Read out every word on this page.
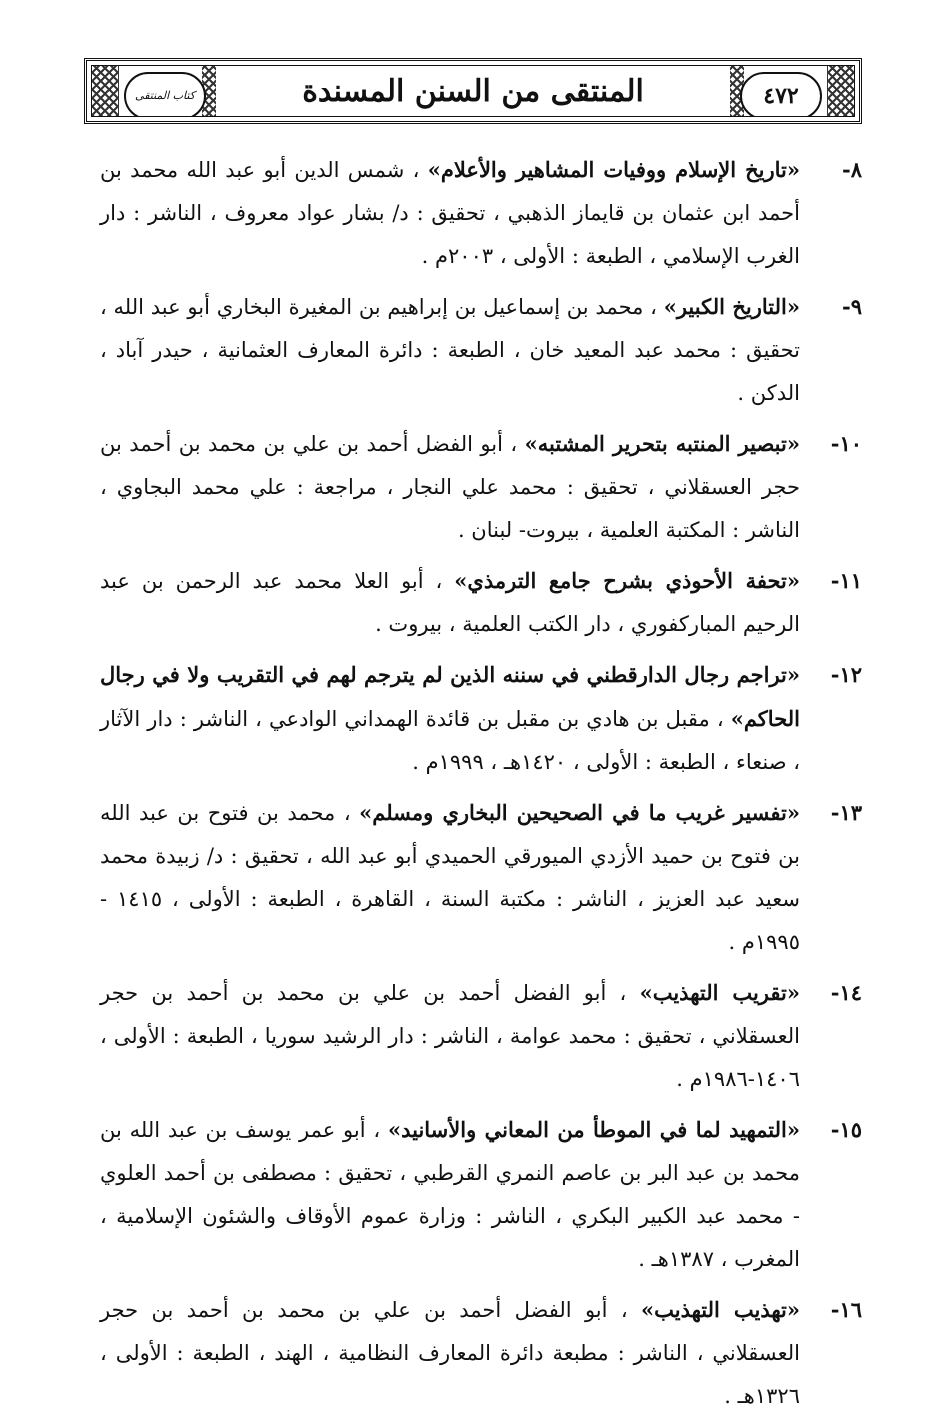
كتاب المنتقى	المنتقى من السنن المسندة	٤٧٢
٨-
«تاريخ الإسلام ووفيات المشاهير والأعلام» ، شمس الدين أبو عبد الله محمد بن أحمد ابن عثمان بن قايماز الذهبي ، تحقيق : د/ بشار عواد معروف ، الناشر : دار الغرب الإسلامي ، الطبعة : الأولى ، ٢٠٠٣م .
٩-
«التاريخ الكبير» ، محمد بن إسماعيل بن إبراهيم بن المغيرة البخاري أبو عبد الله ، تحقيق : محمد عبد المعيد خان ، الطبعة : دائرة المعارف العثمانية ، حيدر آباد ، الدكن .
١٠-
«تبصير المنتبه بتحرير المشتبه» ، أبو الفضل أحمد بن علي بن محمد بن أحمد بن حجر العسقلاني ، تحقيق : محمد علي النجار ، مراجعة : علي محمد البجاوي ، الناشر : المكتبة العلمية ، بيروت- لبنان .
١١-
«تحفة الأحوذي بشرح جامع الترمذي» ، أبو العلا محمد عبد الرحمن بن عبد الرحيم المباركفوري ، دار الكتب العلمية ، بيروت .
١٢-
«تراجم رجال الدارقطني في سننه الذين لم يترجم لهم في التقريب ولا في رجال الحاكم» ، مقبل بن هادي بن مقبل بن قائدة الهمداني الوادعي ، الناشر : دار الآثار ، صنعاء ، الطبعة : الأولى ، ١٤٢٠هـ ، ١٩٩٩م .
١٣-
«تفسير غريب ما في الصحيحين البخاري ومسلم» ، محمد بن فتوح بن عبد الله بن فتوح بن حميد الأزدي الميورقي الحميدي أبو عبد الله ، تحقيق : د/ زبيدة محمد سعيد عبد العزيز ، الناشر : مكتبة السنة ، القاهرة ، الطبعة : الأولى ، ١٤١٥ - ١٩٩٥م .
١٤-
«تقريب التهذيب» ، أبو الفضل أحمد بن علي بن محمد بن أحمد بن حجر العسقلاني ، تحقيق : محمد عوامة ، الناشر : دار الرشيد سوريا ، الطبعة : الأولى ، ١٤٠٦-١٩٨٦م .
١٥-
«التمهيد لما في الموطأ من المعاني والأسانيد» ، أبو عمر يوسف بن عبد الله بن محمد بن عبد البر بن عاصم النمري القرطبي ، تحقيق : مصطفى بن أحمد العلوي - محمد عبد الكبير البكري ، الناشر : وزارة عموم الأوقاف والشئون الإسلامية ، المغرب ، ١٣٨٧هـ .
١٦-
«تهذيب التهذيب» ، أبو الفضل أحمد بن علي بن محمد بن أحمد بن حجر العسقلاني ، الناشر : مطبعة دائرة المعارف النظامية ، الهند ، الطبعة : الأولى ، ١٣٢٦هـ .
